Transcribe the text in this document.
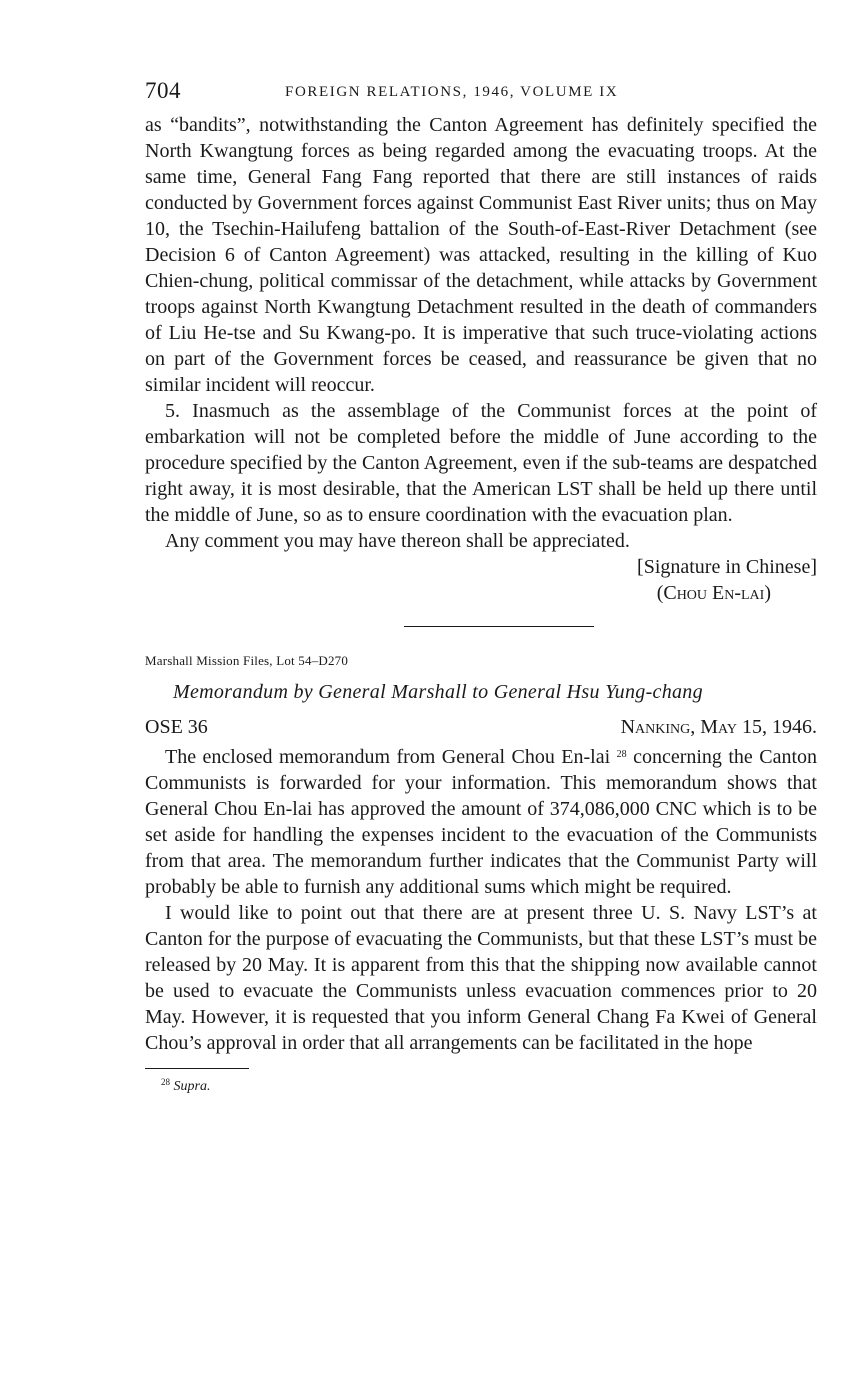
704	FOREIGN RELATIONS, 1946, VOLUME IX

as “bandits”, notwithstanding the Canton Agreement has definitely specified the North Kwangtung forces as being regarded among the evacuating troops. At the same time, General Fang Fang reported that there are still instances of raids conducted by Government forces against Communist East River units; thus on May 10, the Tsechin-Hailufeng battalion of the South-of-East-River Detachment (see Decision 6 of Canton Agreement) was attacked, resulting in the killing of Kuo Chien-chung, political commissar of the detachment, while attacks by Government troops against North Kwangtung Detachment resulted in the death of commanders of Liu He-tse and Su Kwang-po. It is imperative that such truce-violating actions on part of the Government forces be ceased, and reassurance be given that no similar incident will reoccur.

5. Inasmuch as the assemblage of the Communist forces at the point of embarkation will not be completed before the middle of June according to the procedure specified by the Canton Agreement, even if the sub-teams are despatched right away, it is most desirable, that the American LST shall be held up there until the middle of June, so as to ensure coordination with the evacuation plan.

Any comment you may have thereon shall be appreciated.

[Signature in Chinese]
(Chou En-lai)
Marshall Mission Files, Lot 54–D270
Memorandum by General Marshall to General Hsu Yung-chang
OSE 36	Nanking, May 15, 1946.

The enclosed memorandum from General Chou En-lai $^{28}$ concerning the Canton Communists is forwarded for your information. This memorandum shows that General Chou En-lai has approved the amount of 374,086,000 CNC which is to be set aside for handling the expenses incident to the evacuation of the Communists from that area. The memorandum further indicates that the Communist Party will probably be able to furnish any additional sums which might be required.

I would like to point out that there are at present three U. S. Navy LST’s at Canton for the purpose of evacuating the Communists, but that these LST’s must be released by 20 May. It is apparent from this that the shipping now available cannot be used to evacuate the Communists unless evacuation commences prior to 20 May. However, it is requested that you inform General Chang Fa Kwei of General Chou’s approval in order that all arrangements can be facilitated in the hope

$^{28}$ Supra.
